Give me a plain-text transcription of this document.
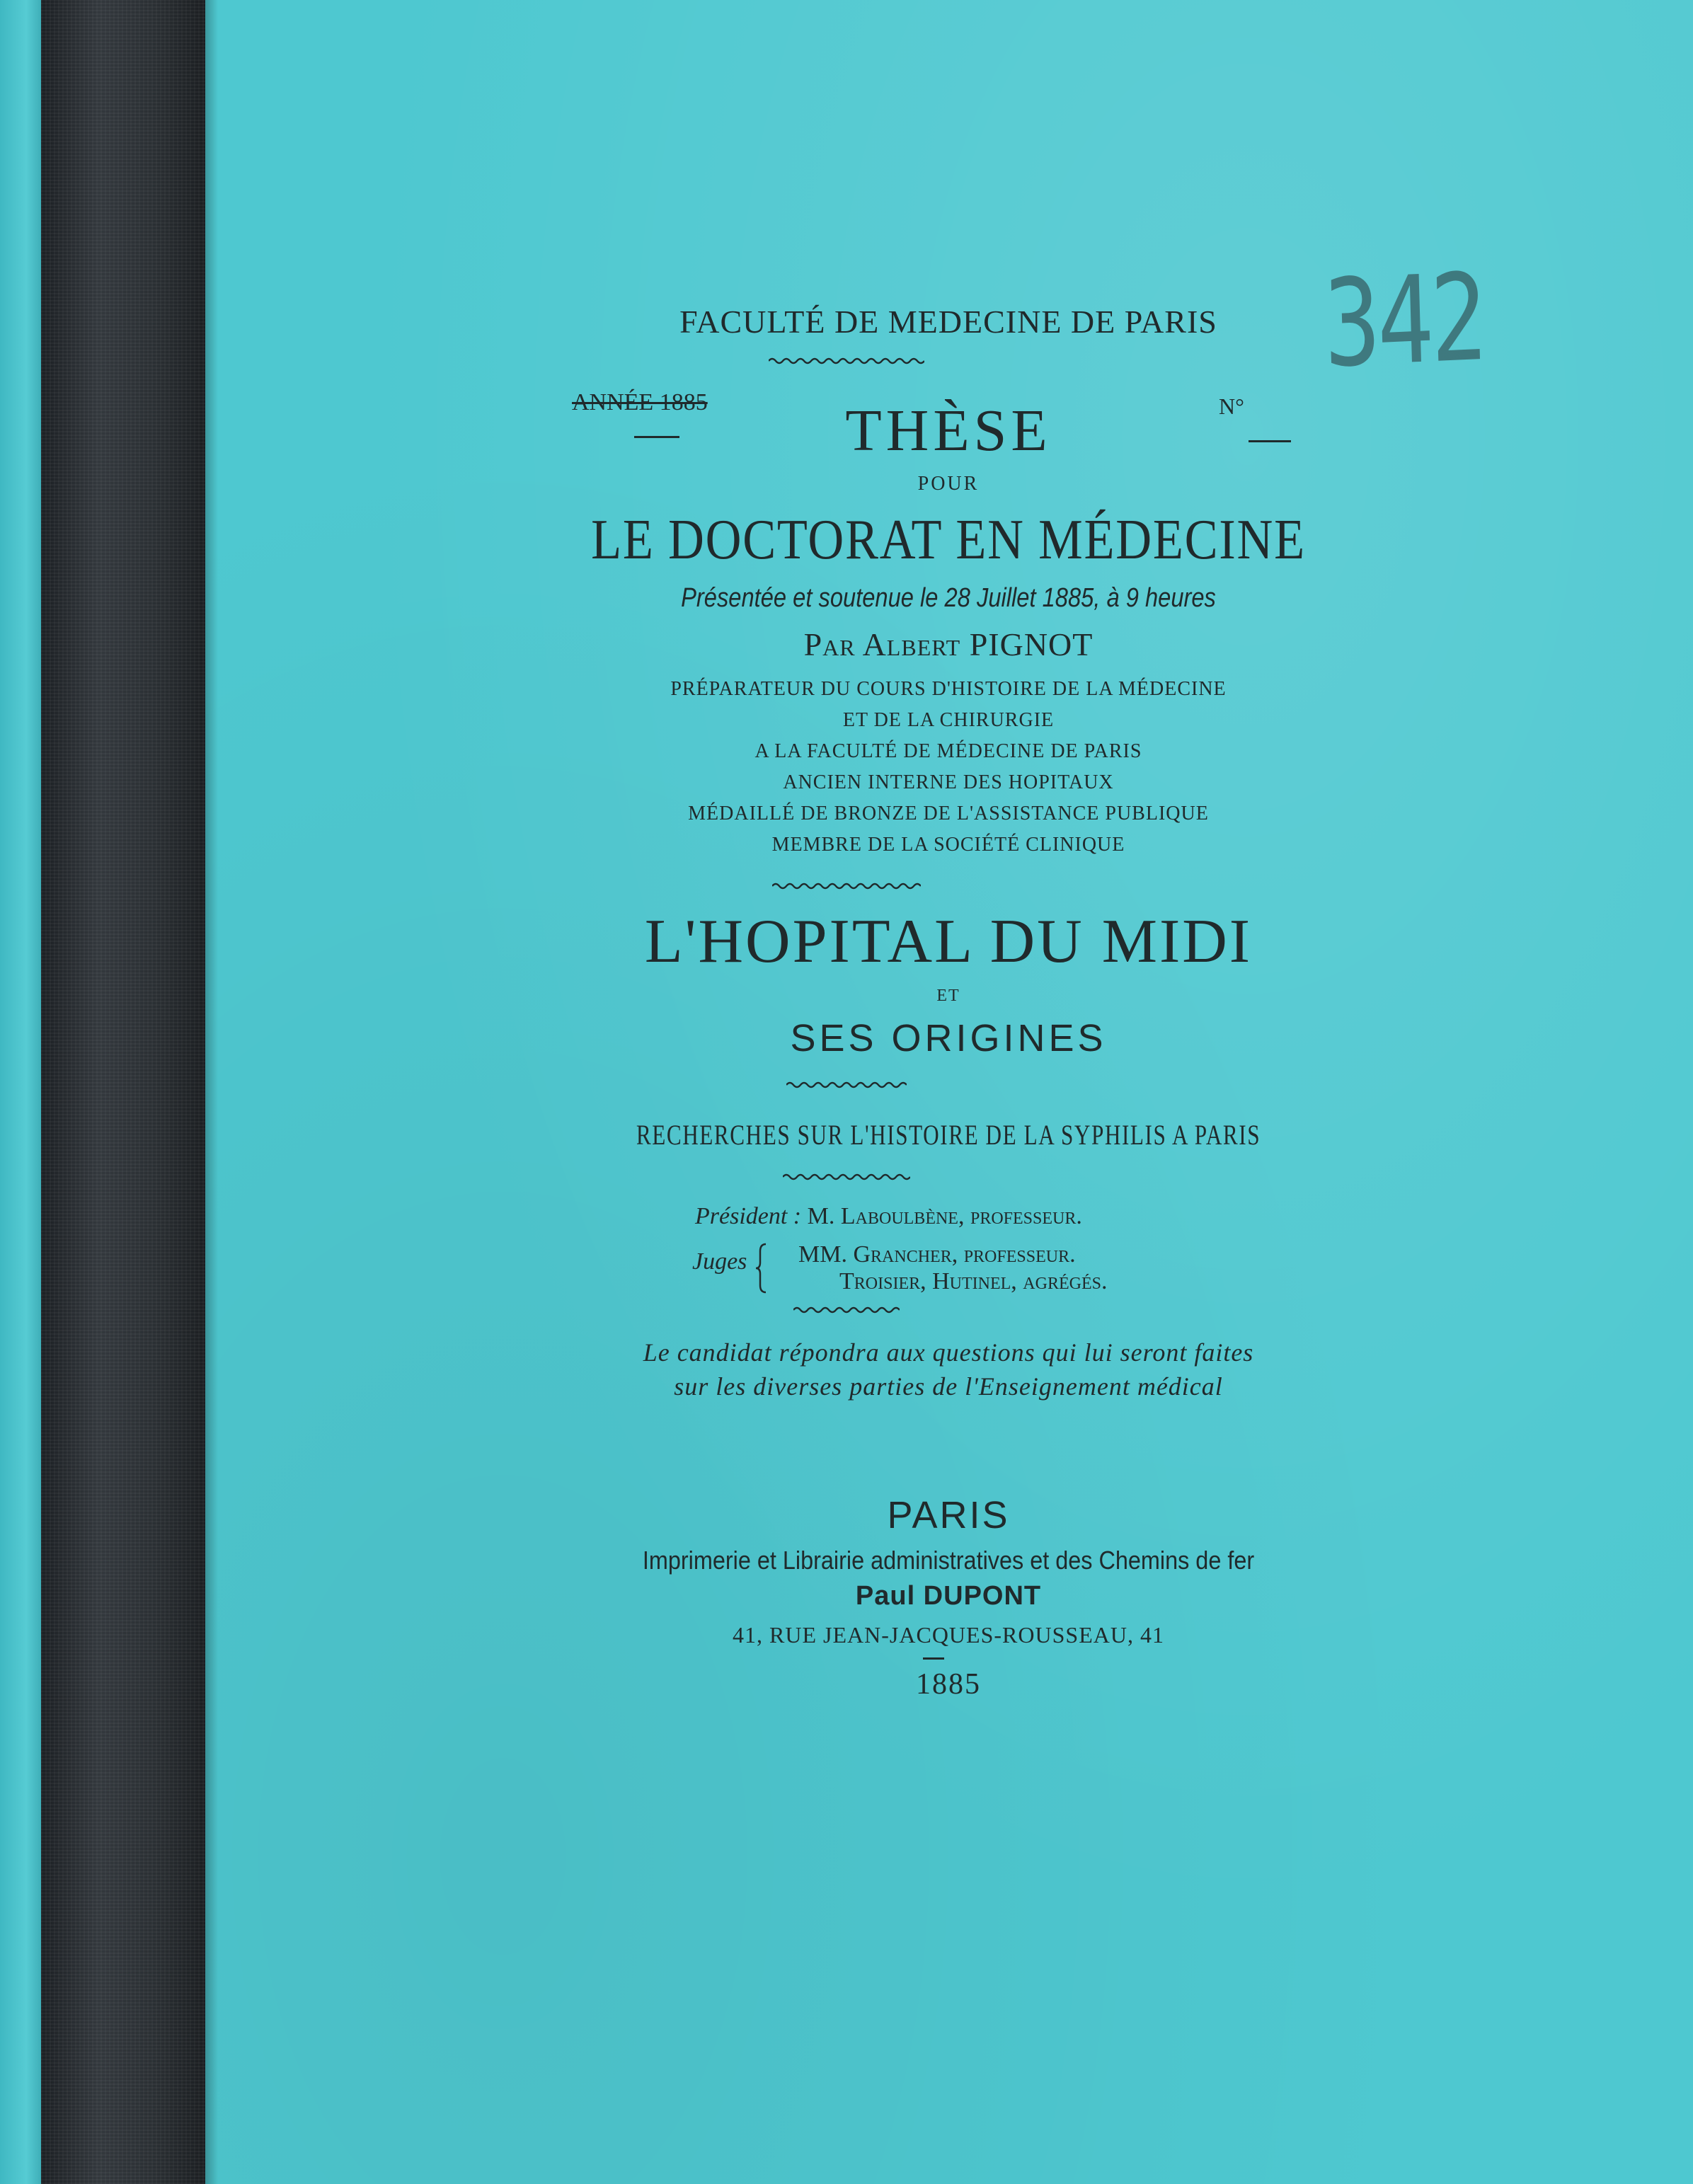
342

FACULTÉ DE MEDECINE DE PARIS

ANNÉE 1885	THÈSE	N°

POUR

LE DOCTORAT EN MÉDECINE

Présentée et soutenue le 28 Juillet 1885, à 9 heures

Par Albert PIGNOT

PRÉPARATEUR DU COURS D'HISTOIRE DE LA MÉDECINE

ET DE LA CHIRURGIE

A LA FACULTÉ DE MÉDECINE DE PARIS

ANCIEN INTERNE DES HOPITAUX

MÉDAILLÉ DE BRONZE DE L'ASSISTANCE PUBLIQUE

MEMBRE DE LA SOCIÉTÉ CLINIQUE

L'HOPITAL DU MIDI

ET

SES ORIGINES

RECHERCHES SUR L'HISTOIRE DE LA SYPHILIS A PARIS

Président : M. Laboulbène, professeur.

Juges MM. Grancher, professeur.
Troisier, Hutinel, agrégés.

Le candidat répondra aux questions qui lui seront faites

sur les diverses parties de l'Enseignement médical

PARIS

Imprimerie et Librairie administratives et des Chemins de fer

Paul DUPONT

41, RUE JEAN-JACQUES-ROUSSEAU, 41

1885
